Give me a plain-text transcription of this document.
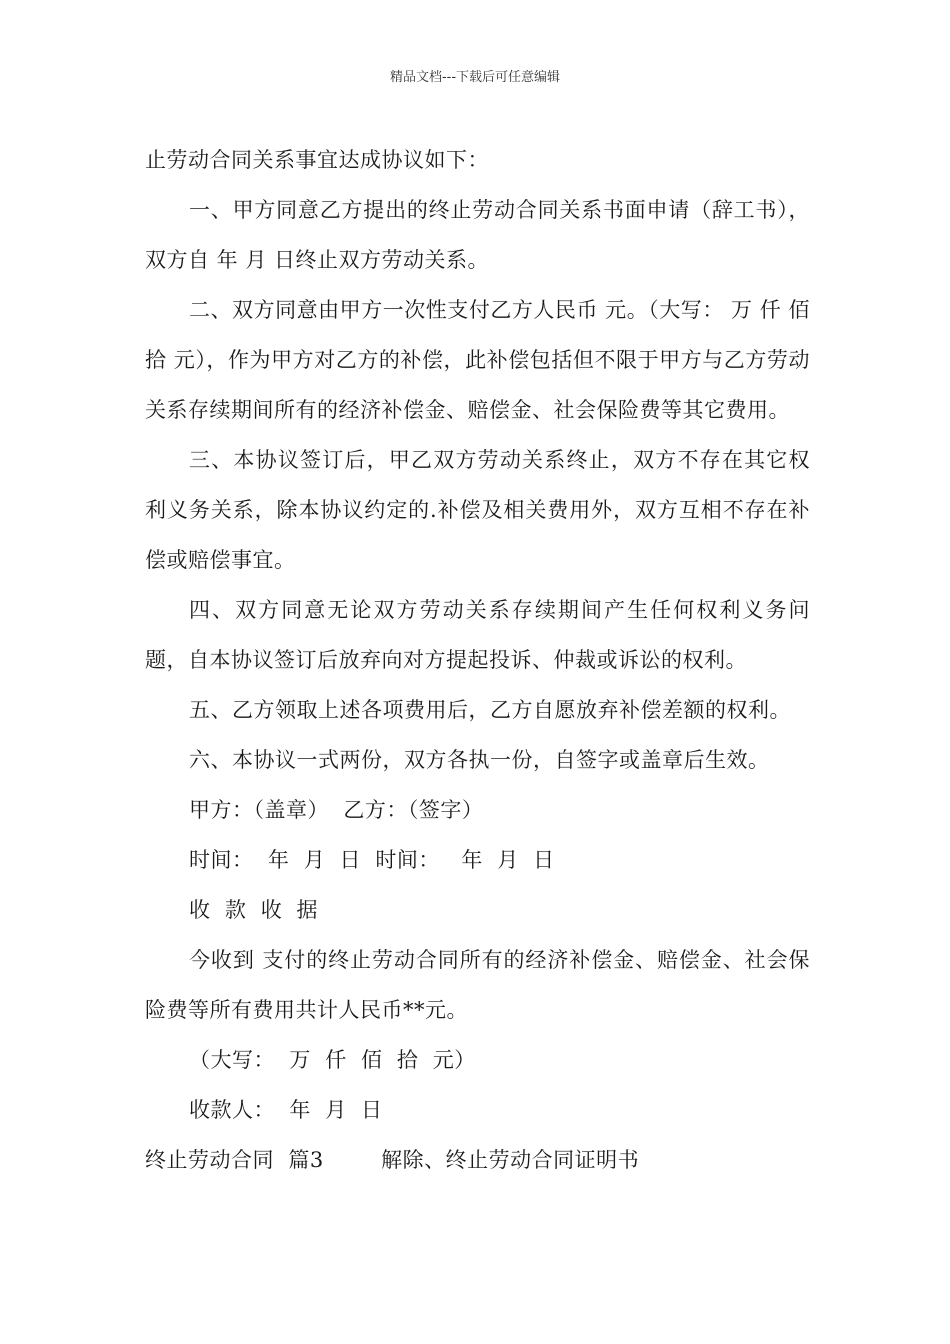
精品文档---下载后可任意编辑

止劳动合同关系事宜达成协议如下：

一、甲方同意乙方提出的终止劳动合同关系书面申请（辞工书），双方自 年 月 日终止双方劳动关系。

二、双方同意由甲方一次性支付乙方人民币 元。（大写： 万 仟 佰 拾 元），作为甲方对乙方的补偿，此补偿包括但不限于甲方与乙方劳动关系存续期间所有的经济补偿金、赔偿金、社会保险费等其它费用。

三、本协议签订后，甲乙双方劳动关系终止，双方不存在其它权利义务关系，除本协议约定的.补偿及相关费用外，双方互相不存在补偿或赔偿事宜。

四、双方同意无论双方劳动关系存续期间产生任何权利义务问题，自本协议签订后放弃向对方提起投诉、仲裁或诉讼的权利。

五、乙方领取上述各项费用后，乙方自愿放弃补偿差额的权利。

六、本协议一式两份，双方各执一份，自签字或盖章后生效。

甲方：（盖章）  乙方：（签字）

时间：  年  月  日  时间：   年  月  日

收  款  收  据

今收到 支付的终止劳动合同所有的经济补偿金、赔偿金、社会保险费等所有费用共计人民币**元。

（大写：  万  仟  佰  拾  元）

收款人：  年  月  日

终止劳动合同  篇3        解除、终止劳动合同证明书
